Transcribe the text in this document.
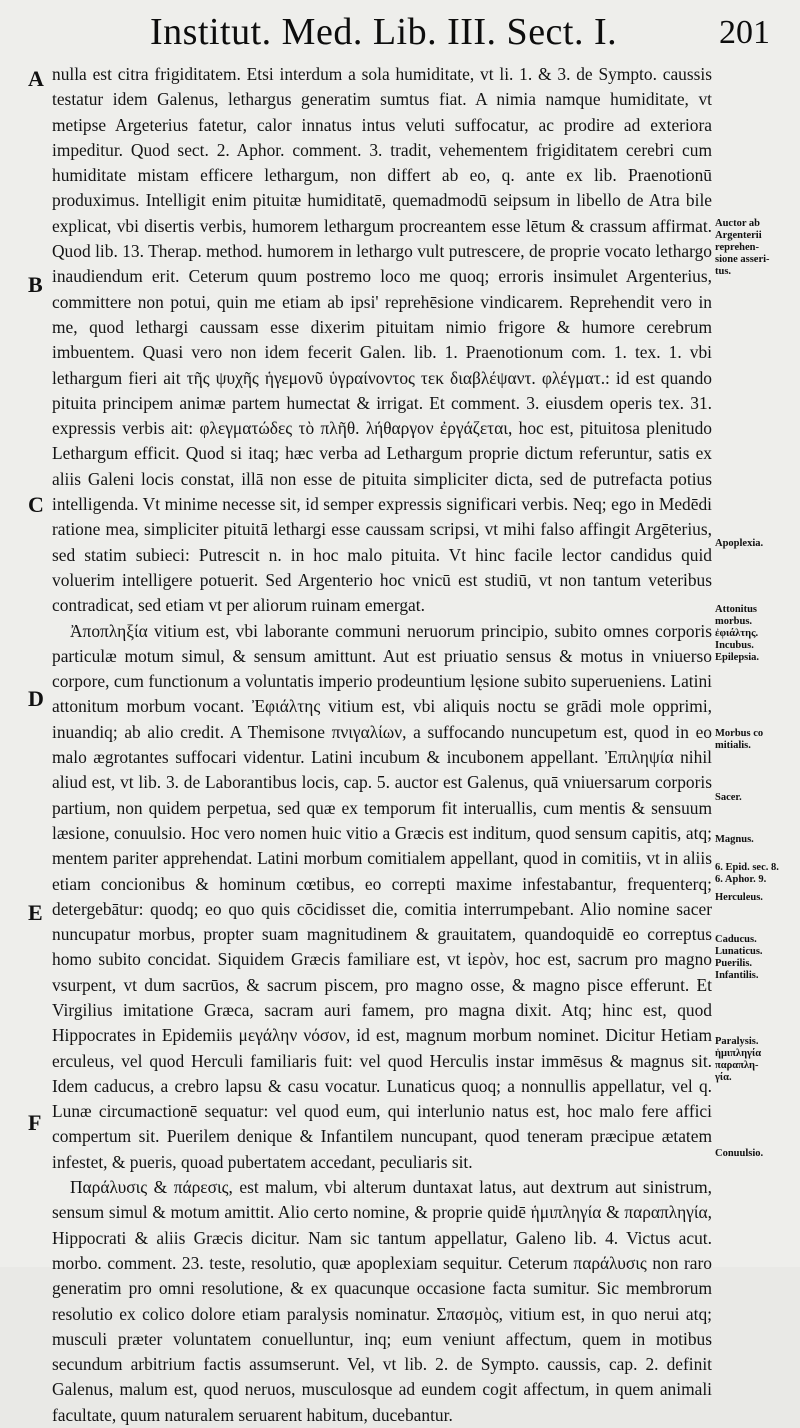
Institut. Med. Lib. III. Sect. I.	201
A
B
C
D
E
F

nulla est citra frigiditatem. Etsi interdum a sola humiditate, vt li. 1. & 3. de Sympto. caussis testatur idem Galenus, lethargus generatim sumtus fiat. A nimia namque humiditate, vt metipse Argeterius fatetur, calor innatus intus veluti suffocatur, ac prodire ad exteriora impeditur. Quod sect. 2. Aphor. comment. 3. tradit, vehementem frigiditatem cerebri cum humiditate mistam efficere lethargum, non differt ab eo, q. ante ex lib. Praenotionū produximus. Intelligit enim pituitæ humiditatē, quemadmodū seipsum in libello de Atra bile explicat, vbi disertis verbis, humorem lethargum procreantem esse lētum & crassum affirmat. Quod lib. 13. Therap. method. humorem in lethargo vult putrescere, de proprie vocato lethargo inaudiendum erit. Ceterum quum postremo loco me quoq; erroris insimulet Argenterius, committere non potui, quin me etiam ab ipsi' reprehēsione vindicarem. Reprehendit vero in me, quod lethargi caussam esse dixerim pituitam nimio frigore & humore cerebrum imbuentem. Quasi vero non idem fecerit Galen. lib. 1. Praenotionum com. 1. tex. 1. vbi lethargum fieri ait τῆς ψυχῆς ἡγεμονῦ ὑγραίνοντος τεκ διαβλέψαντ. φλέγματ.: id est quando pituita principem animæ partem humectat & irrigat. Et comment. 3. eiusdem operis tex. 31. expressis verbis ait: φλεγματώδες τὸ πλῆθ. λήθαργον ἐργάζεται, hoc est, pituitosa plenitudo Lethargum efficit. Quod si itaq; hæc verba ad Lethargum proprie dictum referuntur, satis ex aliis Galeni locis constat, illā non esse de pituita simpliciter dicta, sed de putrefacta potius intelligenda. Vt minime necesse sit, id semper expressis significari verbis. Neq; ego in Medēdi ratione mea, simpliciter pituitā lethargi esse caussam scripsi, vt mihi falso affingit Argēterius, sed statim subieci: Putrescit n. in hoc malo pituita. Vt hinc facile lector candidus quid voluerim intelligere potuerit. Sed Argenterio hoc vnicū est studiū, vt non tantum veteribus contradicat, sed etiam vt per aliorum ruinam emergat.

Ἀποπληξία vitium est, vbi laborante communi neruorum principio, subito omnes corporis particulæ motum simul, & sensum amittunt. Aut est priuatio sensus & motus in vniuerso corpore, cum functionum a voluntatis imperio prodeuntium lęsione subito superueniens. Latini attonitum morbum vocant. Ἐφιάλτης vitium est, vbi aliquis noctu se grādi mole opprimi, inuandiq; ab alio credit. A Themisone πνιγαλίων, a suffocando nuncupetum est, quod in eo malo ægrotantes suffocari videntur. Latini incubum & incubonem appellant. Ἐπιληψία nihil aliud est, vt lib. 3. de Laborantibus locis, cap. 5. auctor est Galenus, quā vniuersarum corporis partium, non quidem perpetua, sed quæ ex temporum fit interuallis, cum mentis & sensuum læsione, conuulsio. Hoc vero nomen huic vitio a Græcis est inditum, quod sensum capitis, atq; mentem pariter apprehendat. Latini morbum comitialem appellant, quod in comitiis, vt in aliis etiam concionibus & hominum cœtibus, eo correpti maxime infestabantur, frequenterq; detergebātur: quodq; eo quo quis cōcidisset die, comitia interrumpebant. Alio nomine sacer nuncupatur morbus, propter suam magnitudinem & grauitatem, quandoquidē eo correptus homo subito concidat. Siquidem Græcis familiare est, vt ἱερὸν, hoc est, sacrum pro magno vsurpent, vt dum sacrūos, & sacrum piscem, pro magno osse, & magno pisce efferunt. Et Virgilius imitatione Græca, sacram auri famem, pro magna dixit. Atq; hinc est, quod Hippocrates in Epidemiis μεγάλην νόσον, id est, magnum morbum nominet. Dicitur Hetiam erculeus, vel quod Herculi familiaris fuit: vel quod Herculis instar immēsus & magnus sit. Idem caducus, a crebro lapsu & casu vocatur. Lunaticus quoq; a nonnullis appellatur, vel q. Lunæ circumactionē sequatur: vel quod eum, qui interlunio natus est, hoc malo fere affici compertum sit. Puerilem denique & Infantilem nuncupant, quod teneram præcipue ætatem infestet, & pueris, quoad pubertatem accedant, peculiaris sit.

Παράλυσις & πάρεσις, est malum, vbi alterum duntaxat latus, aut dextrum aut sinistrum, sensum simul & motum amittit. Alio certo nomine, & proprie quidē ἡμιπληγία & παραπληγία, Hippocrati & aliis Græcis dicitur. Nam sic tantum appellatur, Galeno lib. 4. Victus acut. morbo. comment. 23. teste, resolutio, quæ apoplexiam sequitur. Ceterum παράλυσις non raro generatim pro omni resolutione, & ex quacunque occasione facta sumitur. Sic membrorum resolutio ex colico dolore etiam paralysis nominatur. Σπασμὸς, vitium est, in quo nerui atq; musculi præter voluntatem conuelluntur, inq; eum veniunt affectum, quem in motibus secundum arbitrium factis assumserunt. Vel, vt lib. 2. de Sympto. caussis, cap. 2. definit Galenus, malum est, quod neruos, musculosque ad eundem cogit affectum, in quem animali facultate, quum naturalem seruarent habitum, ducebantur.

Auctor ab
Argenterii
reprehen-
sione asseri-
tus.
Apoplexia.
Attonitus
morbus.
ἐφιάλτης.
Incubus.
Epilepsia.
Morbus co
mitialis.
Sacer.
Magnus.
6. Epid. sec. 8.
6. Aphor. 9.
Herculeus.
Caducus.
Lunaticus.
Puerilis.
Infantilis.
Paralysis.
ἡμιπληγία
παραπλη-
γία.
Conuulsio.
